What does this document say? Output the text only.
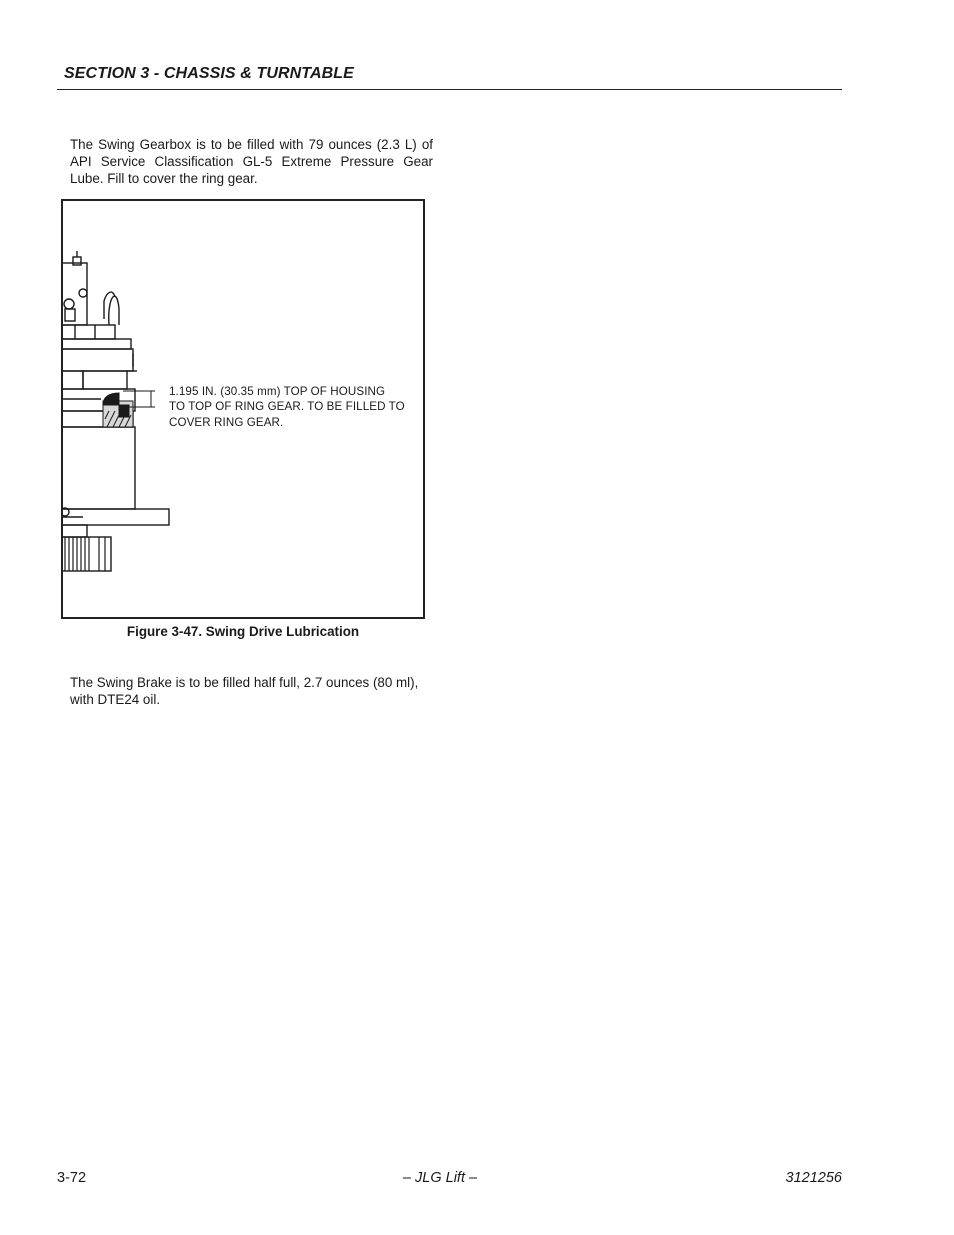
SECTION 3 - CHASSIS & TURNTABLE

The Swing Gearbox is to be filled with 79 ounces (2.3 L) of API Service Classification GL-5 Extreme Pressure Gear Lube. Fill to cover the ring gear.

1.195 IN. (30.35 mm) TOP OF HOUSING
TO TOP OF RING GEAR. TO BE FILLED TO
COVER RING GEAR.
Figure 3-47. Swing Drive Lubrication

The Swing Brake is to be filled half full, 2.7 ounces (80 ml), with DTE24 oil.

3-72	– JLG Lift –	3121256
